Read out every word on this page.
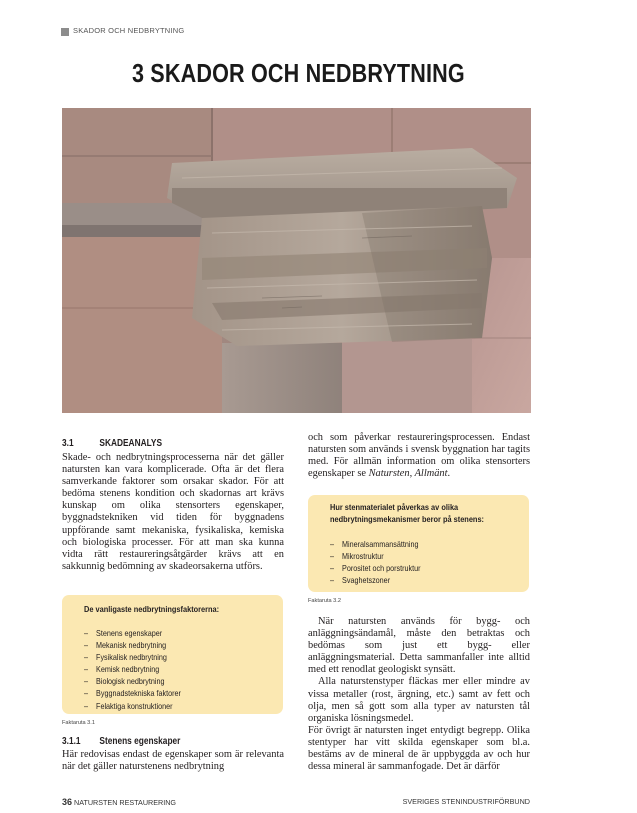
SKADOR OCH NEDBRYTNING
3 SKADOR OCH NEDBRYTNING
3.1	SKADEANALYS

Skade- och nedbrytningsprocesserna när det gäller natursten kan vara komplicerade. Ofta är det flera samverkande faktorer som orsakar skador. För att bedöma stenens kondition och skadornas art krävs kunskap om olika stensorters egenskaper, byggnadstekniken vid tiden för byggnadens uppförande samt mekaniska, fysikaliska, kemiska och biologiska processer. För att man ska kunna vidta rätt restaureringsåtgärder krävs att en sakkunnig bedömning av skadeorsakerna utförs.

De vanligaste nedbrytningsfaktorerna:
– Stenens egenskaper
– Mekanisk nedbrytning
– Fysikalisk nedbrytning
– Kemisk nedbrytning
– Biologisk nedbrytning
– Byggnadstekniska faktorer
– Felaktiga konstruktioner
Faktaruta 3.1
3.1.1 Stenens egenskaper

Här redovisas endast de egenskaper som är relevanta när det gäller naturstenens nedbrytning

och som påverkar restaureringsprocessen. Endast natursten som används i svensk byggnation har tagits med. För allmän information om olika stensorters egenskaper se Natursten, Allmänt.

Hur stenmaterialet påverkas av olika
nedbrytningsmekanismer beror på stenens:
– Mineralsammansättning
– Mikrostruktur
– Porositet och porstruktur
– Svaghetszoner
Faktaruta 3.2

När natursten används för bygg- och anläggningsändamål, måste den betraktas och bedömas som just ett bygg- eller anläggningsmaterial. Detta sammanfaller inte alltid med ett renodlat geologiskt synsätt.

Alla naturstenstyper fläckas mer eller mindre av vissa metaller (rost, ärgning, etc.) samt av fett och olja, men så gott som alla typer av natursten tål organiska lösningsmedel.

För övrigt är natursten inget entydigt begrepp. Olika stentyper har vitt skilda egenskaper som bl.a. bestäms av de mineral de är uppbyggda av och hur dessa mineral är sammanfogade. Det är därför

36 NATURSTEN RESTAURERING	SVERIGES STENINDUSTRIFÖRBUND
